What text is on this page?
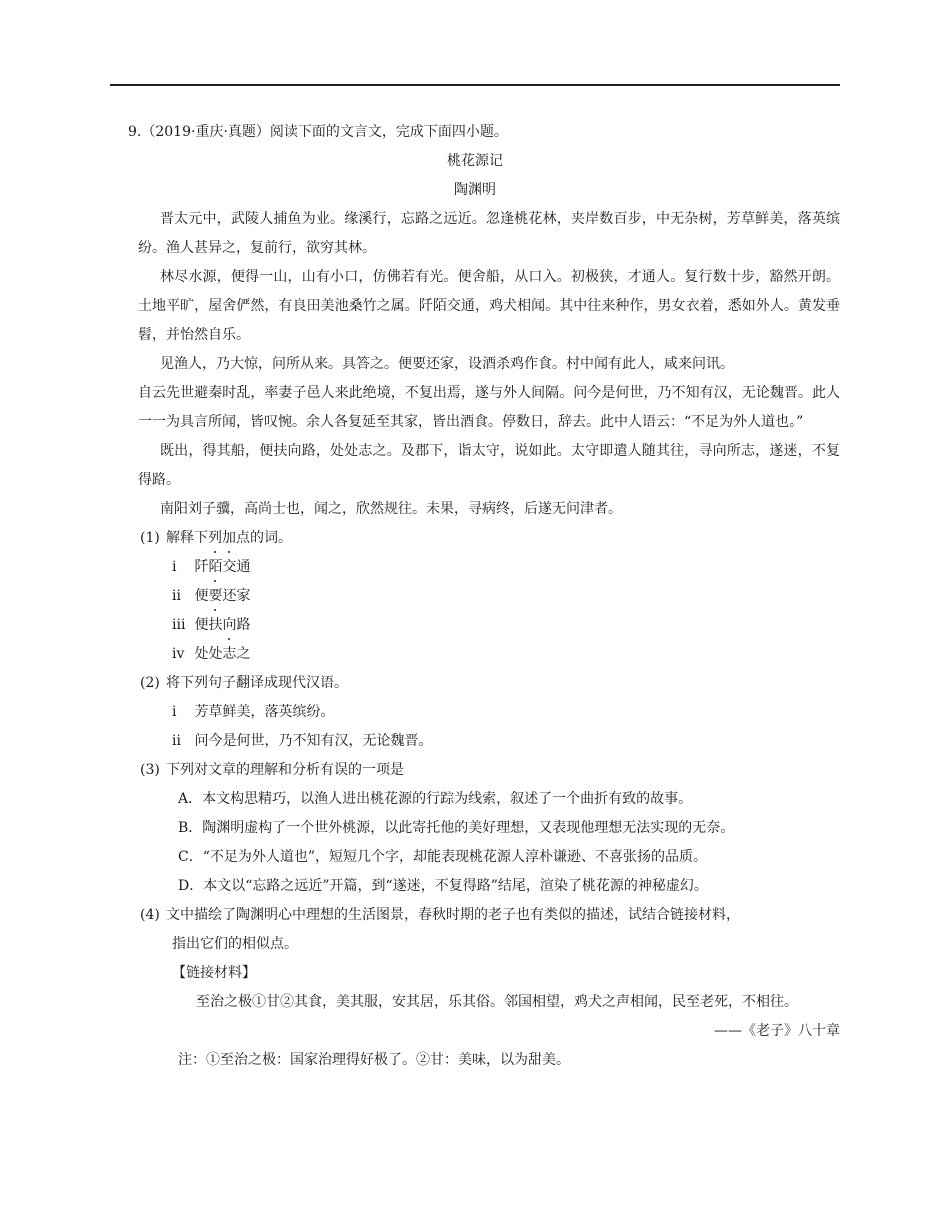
9.（2019·重庆·真题）阅读下面的文言文，完成下面四小题。
桃花源记
陶渊明
晋太元中，武陵人捕鱼为业。缘溪行，忘路之远近。忽逢桃花林，夹岸数百步，中无杂树，芳草鲜美，落英缤纷。渔人甚异之，复前行，欲穷其林。
林尽水源，便得一山，山有小口，仿佛若有光。便舍船，从口入。初极狭，才通人。复行数十步，豁然开朗。土地平旷，屋舍俨然，有良田美池桑竹之属。阡陌交通，鸡犬相闻。其中往来种作，男女衣着，悉如外人。黄发垂髫，并怡然自乐。
见渔人，乃大惊，问所从来。具答之。便要还家，设酒杀鸡作食。村中闻有此人，咸来问讯。
自云先世避秦时乱，率妻子邑人来此绝境，不复出焉，遂与外人间隔。问今是何世，乃不知有汉，无论魏晋。此人一一为具言所闻，皆叹惋。余人各复延至其家，皆出酒食。停数日，辞去。此中人语云：“不足为外人道也。”
既出，得其船，便扶向路，处处志之。及郡下，诣太守，说如此。太守即遣人随其往，寻向所志，遂迷，不复得路。
南阳刘子骥，高尚士也，闻之，欣然规往。未果，寻病终，后遂无问津者。
(1) 解释下列加点的词。
i 阡陌交通
ii 便要还家
iii 便扶向路
iv 处处志之
(2) 将下列句子翻译成现代汉语。
i 芳草鲜美，落英缤纷。
ii 问今是何世，乃不知有汉，无论魏晋。
(3) 下列对文章的理解和分析有误的一项是
A．本文构思精巧，以渔人进出桃花源的行踪为线索，叙述了一个曲折有致的故事。
B．陶渊明虚构了一个世外桃源，以此寄托他的美好理想，又表现他理想无法实现的无奈。
C．“不足为外人道也”，短短几个字，却能表现桃花源人淳朴谦逊、不喜张扬的品质。
D．本文以“忘路之远近”开篇，到“遂迷，不复得路”结尾，渲染了桃花源的神秘虚幻。
(4) 文中描绘了陶渊明心中理想的生活图景，春秋时期的老子也有类似的描述，试结合链接材料，
指出它们的相似点。
【链接材料】
至治之极①甘②其食，美其服，安其居，乐其俗。邻国相望，鸡犬之声相闻，民至老死，不相往。
——《老子》八十章
注：①至治之极：国家治理得好极了。②甘：美味，以为甜美。
